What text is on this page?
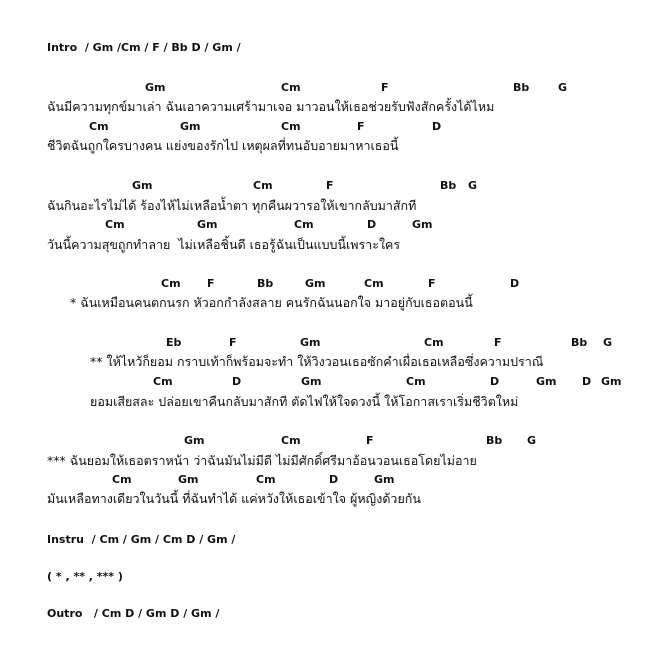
Intro  / Gm /Cm / F / Bb D / Gm /
Gm	Cm	F	Bb	G
ฉันมีความทุกข์มาเล่า ฉันเอาความเศร้ามาเจอ มาวอนให้เธอช่วยรับฟังสักครั้งได้ไหม
Cm	Gm	Cm	F	D
ชีวิตฉันถูกใครบางคน แย่งของรักไป เหตุผลที่ทนอับอายมาหาเธอนี้
Gm	Cm	F	Bb G
ฉันกินอะไรไม่ได้ ร้องไห้ไม่เหลือน้ำตา ทุกคืนผวารอให้เขากลับมาสักที
Cm	Gm	Cm	D	Gm
วันนี้ความสุขถูกทำลาย  ไม่เหลือชิ้นดี เธอรู้ฉันเป็นแบบนี้เพราะใคร
Cm F	Bb	Gm	Cm	F	D
* ฉันเหมือนคนตกนรก หัวอกกำลังสลาย คนรักฉันนอกใจ มาอยู่กับเธอตอนนี้
Eb	F	Gm	Cm	F	Bb G
** ให้ไหว้ก็ยอม กราบเท้าก็พร้อมจะทำ ให้วิงวอนเธอซักคำเผื่อเธอเหลือซึ่งความปราณี
Cm	D	Gm	Cm	D	Gm D Gm
ยอมเสียสละ ปล่อยเขาคืนกลับมาสักที ตัดไฟให้ใจดวงนี้ ให้โอกาสเราเริ่มชีวิตใหม่
Gm	Cm	F	Bb G
*** ฉันยอมให้เธอตราหน้า ว่าฉันมันไม่มีดี ไม่มีศักดิ์ศรีมาอ้อนวอนเธอโดยไม่อาย
Cm	Gm	Cm	D	Gm
มันเหลือทางเดียวในวันนี้ ที่ฉันทำได้ แค่หวังให้เธอเข้าใจ ผู้หญิงด้วยกัน
Instru  / Cm / Gm / Cm D / Gm /
( * , ** , *** )
Outro   / Cm D / Gm D / Gm /
